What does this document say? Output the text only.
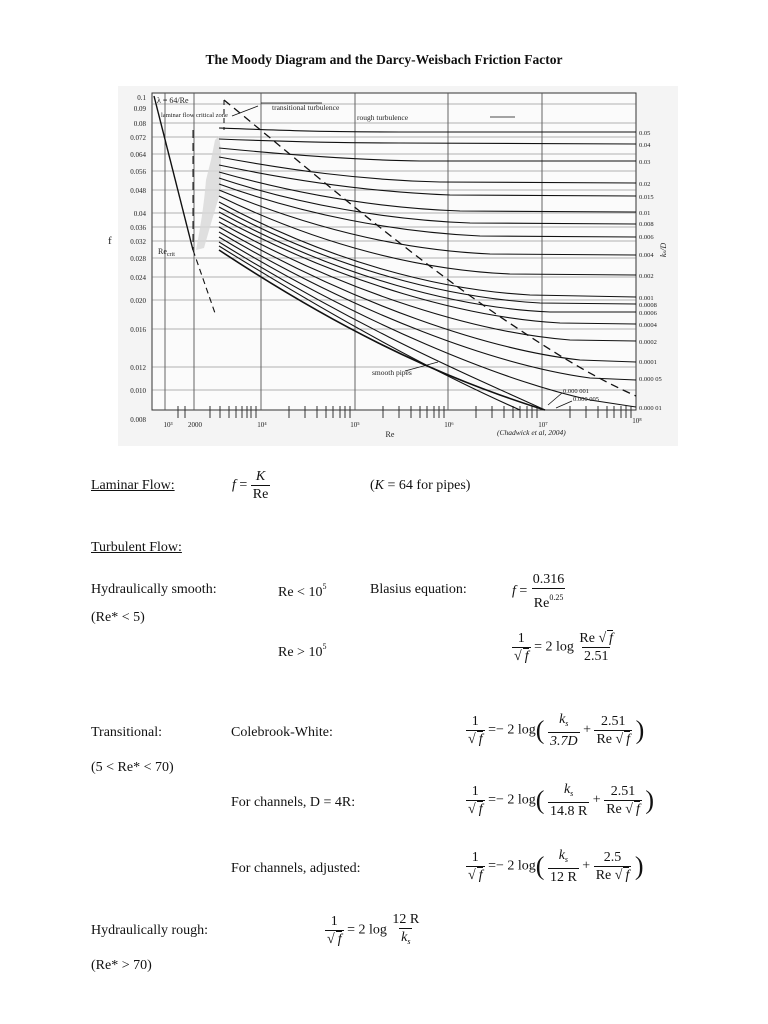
The Moody Diagram and the Darcy-Weisbach Friction Factor
0.1
0.09
0.08
0.072
0.064
0.056
0.048
0.04
0.036
0.032
0.028
0.024
0.020
0.016
0.012
0.010
0.008
10³ 2000	10⁴	10⁵	10⁶	10⁷	10⁸
Re
f
kₛ/D
0.05
0.04
0.03
0.02
0.015
0.01
0.008
0.006
0.004
0.002
0.001
0.0008
0.0006
0.0004
0.0002
0.0001
0.000 05
0.000 01
0.000 001
0.000 005
λ = 64/Re
laminar flow critical zone
transitional turbulence
rough turbulence
$Re_{crit}$
smooth pipes
(Chadwick et al, 2004)
Laminar Flow:	$f = \frac{K}{Re}$	(K = 64 for pipes)
Turbulent Flow:
Hydraulically smooth:
(Re* < 5)
$Re < 10^5$	Blasius equation:	$f = \frac{0.316}{Re^{0.25}}$
$Re > 10^5$	$\frac{1}{√ f} = 2$ $\log \frac{Re √ f}{2.51}$
Transitional:
(5 < Re* < 70)
Colebrook-White:	$\frac{1}{√ f} =- 2$ $\log( \frac{k_s}{3.7D} + \frac{2.51}{Re √ f}$ )
For channels, D = 4R:	$\frac{1}{√ f} =- 2$ $\log( \frac{k_s}{14.8 R} + \frac{2.51}{Re √ f}$ )
For channels, adjusted:	$\frac{1}{√ f} =- 2$ $\log( \frac{k_s}{12 R} + \frac{2.5}{Re √ f}$ )
Hydraulically rough:
(Re* > 70)
$\frac{1}{√ f} = 2$ $\log \frac{12 R}{k_s}$
